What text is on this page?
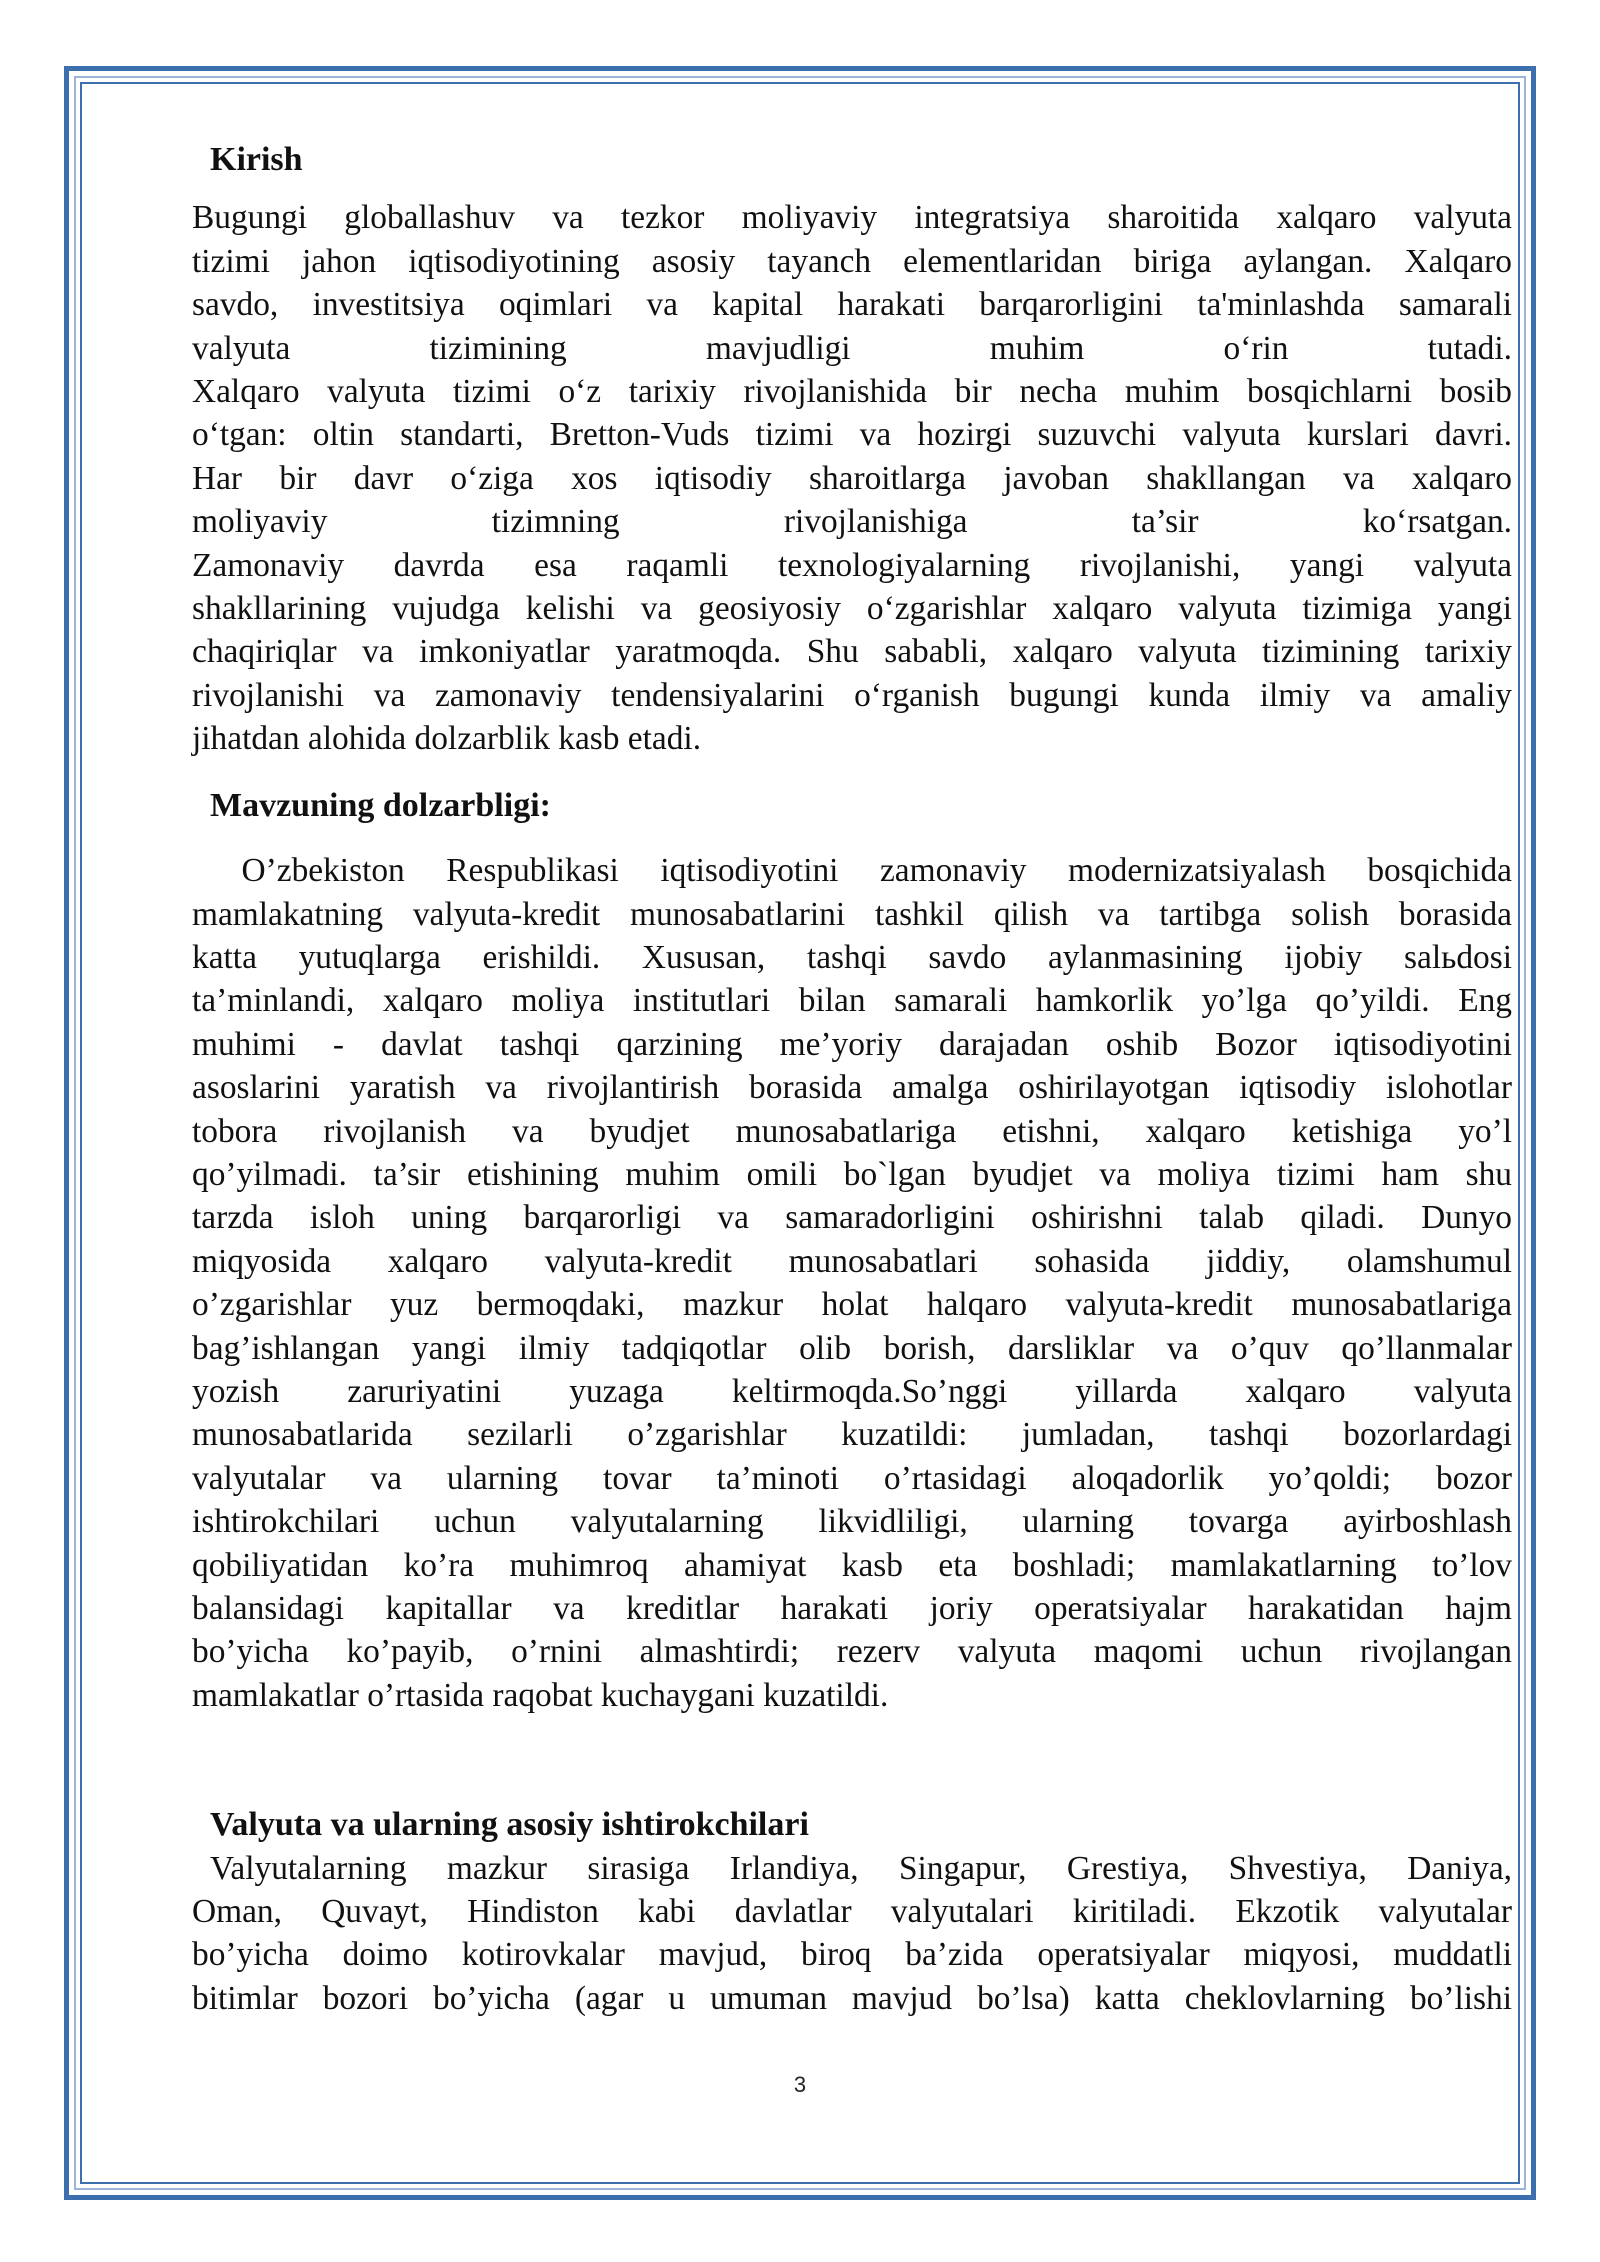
Kirish

Bugungi globallashuv va tezkor moliyaviy integratsiya sharoitida xalqaro valyuta

tizimi jahon iqtisodiyotining asosiy tayanch elementlaridan biriga aylangan. Xalqaro

savdo, investitsiya oqimlari va kapital harakati barqarorligini ta'minlashda samarali

valyuta tizimining mavjudligi muhim o‘rin tutadi.

Xalqaro valyuta tizimi o‘z tarixiy rivojlanishida bir necha muhim bosqichlarni bosib

o‘tgan: oltin standarti, Bretton-Vuds tizimi va hozirgi suzuvchi valyuta kurslari davri.

Har bir davr o‘ziga xos iqtisodiy sharoitlarga javoban shakllangan va xalqaro

moliyaviy tizimning rivojlanishiga ta’sir ko‘rsatgan.

Zamonaviy davrda esa raqamli texnologiyalarning rivojlanishi, yangi valyuta

shakllarining vujudga kelishi va geosiyosiy o‘zgarishlar xalqaro valyuta tizimiga yangi

chaqiriqlar va imkoniyatlar yaratmoqda. Shu sababli, xalqaro valyuta tizimining tarixiy

rivojlanishi va zamonaviy tendensiyalarini o‘rganish bugungi kunda ilmiy va amaliy

jihatdan alohida dolzarblik kasb etadi.

Mavzuning dolzarbligi:

O’zbekiston Respublikasi iqtisodiyotini zamonaviy modernizatsiyalash bosqichida

mamlakatning valyuta-kredit munosabatlarini tashkil qilish va tartibga solish borasida

katta yutuqlarga erishildi. Xususan, tashqi savdo aylanmasining ijobiy salьdosi

ta’minlandi, xalqaro moliya institutlari bilan samarali hamkorlik yo’lga qo’yildi. Eng

muhimi - davlat tashqi qarzining me’yoriy darajadan oshib Bozor iqtisodiyotini

asoslarini yaratish va rivojlantirish borasida amalga oshirilayotgan iqtisodiy islohotlar

tobora rivojlanish va byudjet munosabatlariga etishni, xalqaro ketishiga yo’l

qo’yilmadi. ta’sir etishining muhim omili bo`lgan byudjet va moliya tizimi ham shu

tarzda isloh uning barqarorligi va samaradorligini oshirishni talab qiladi. Dunyo

miqyosida xalqaro valyuta-kredit munosabatlari sohasida jiddiy, olamshumul

o’zgarishlar yuz bermoqdaki, mazkur holat halqaro valyuta-kredit munosabatlariga

bag’ishlangan yangi ilmiy tadqiqotlar olib borish, darsliklar va o’quv qo’llanmalar

yozish zaruriyatini yuzaga keltirmoqda.So’nggi yillarda xalqaro valyuta

munosabatlarida sezilarli o’zgarishlar kuzatildi: jumladan, tashqi bozorlardagi

valyutalar va ularning tovar ta’minoti o’rtasidagi aloqadorlik yo’qoldi; bozor

ishtirokchilari uchun valyutalarning likvidliligi, ularning tovarga ayirboshlash

qobiliyatidan ko’ra muhimroq ahamiyat kasb eta boshladi; mamlakatlarning to’lov

balansidagi kapitallar va kreditlar harakati joriy operatsiyalar harakatidan hajm

bo’yicha ko’payib, o’rnini almashtirdi; rezerv valyuta maqomi uchun rivojlangan

mamlakatlar o’rtasida raqobat kuchaygani kuzatildi.

Valyuta va ularning asosiy ishtirokchilari

Valyutalarning mazkur sirasiga Irlandiya, Singapur, Grestiya, Shvestiya, Daniya,

Oman, Quvayt, Hindiston kabi davlatlar valyutalari kiritiladi. Ekzotik valyutalar

bo’yicha doimo kotirovkalar mavjud, biroq ba’zida operatsiyalar miqyosi, muddatli

bitimlar bozori bo’yicha (agar u umuman mavjud bo’lsa) katta cheklovlarning bo’lishi

3
